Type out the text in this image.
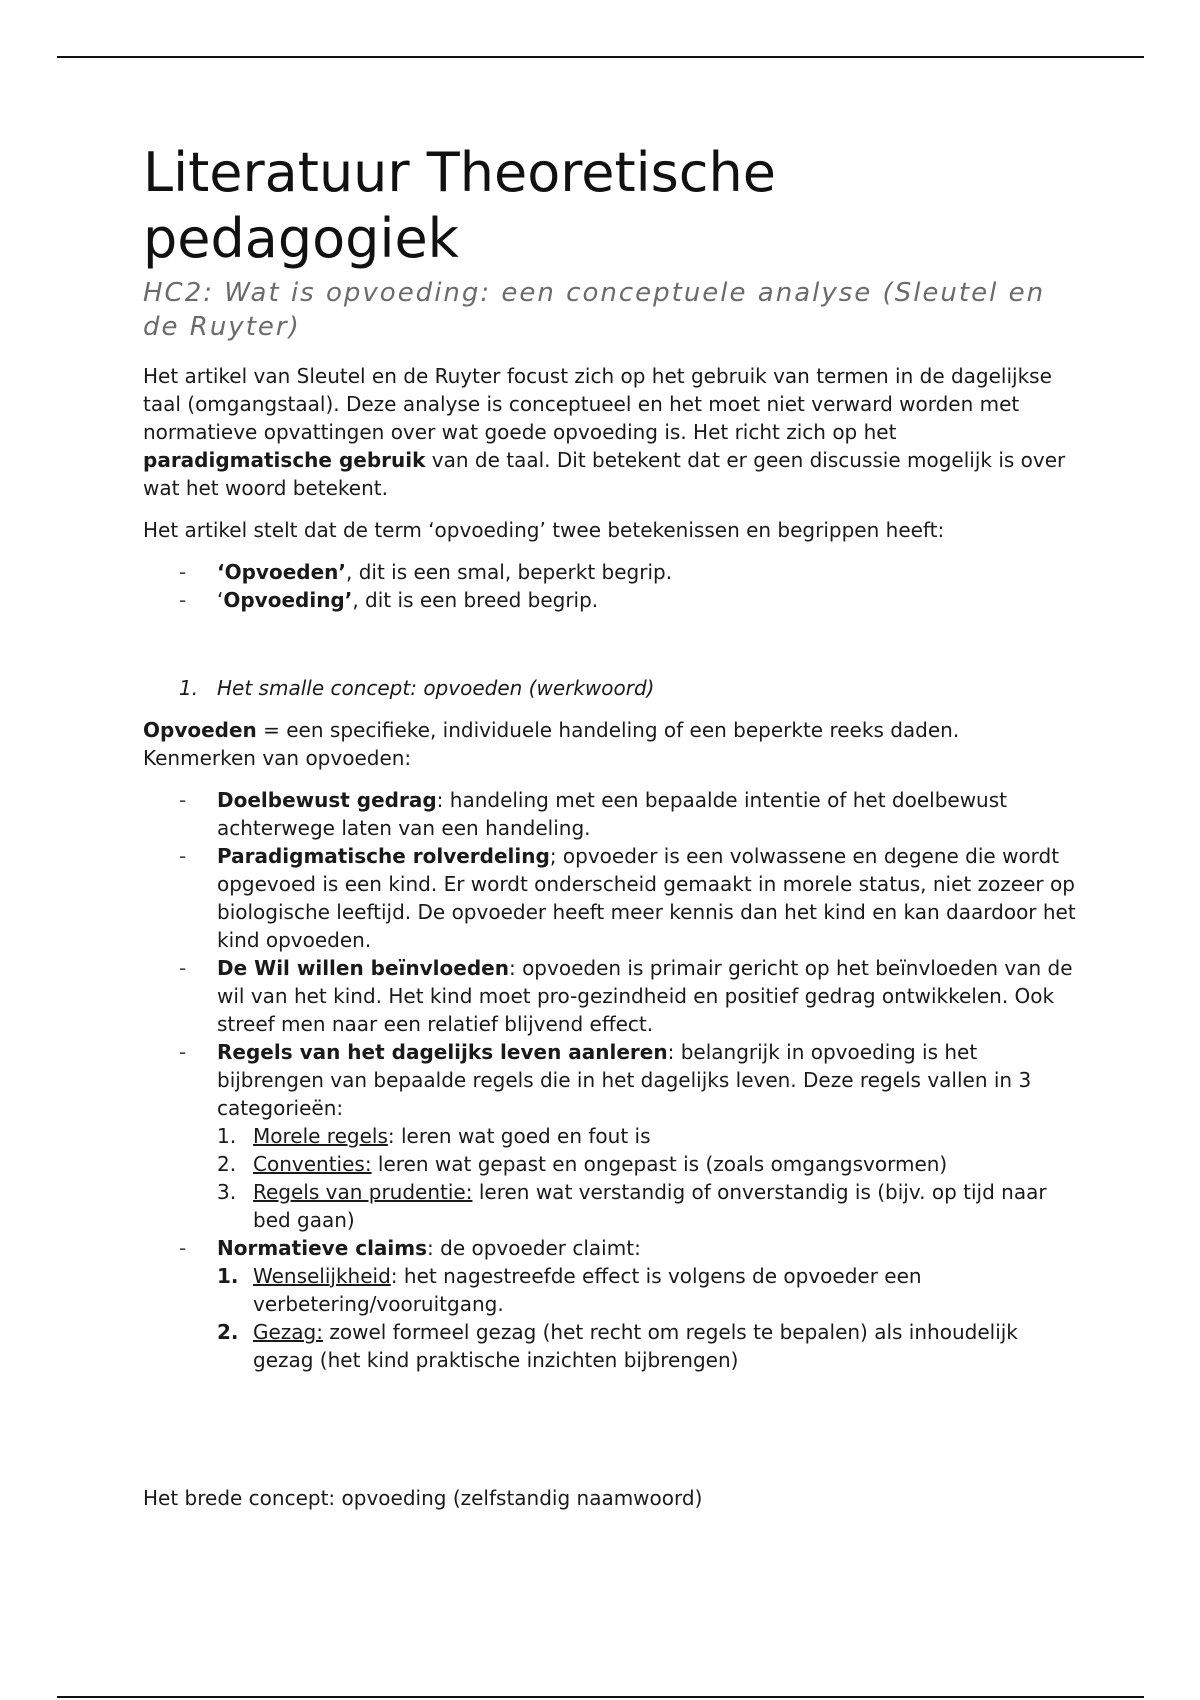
Literatuur Theoretische
pedagogiek
HC2: Wat is opvoeding: een conceptuele analyse (Sleutel en de Ruyter)

Het artikel van Sleutel en de Ruyter focust zich op het gebruik van termen in de dagelijkse taal (omgangstaal). Deze analyse is conceptueel en het moet niet verward worden met normatieve opvattingen over wat goede opvoeding is. Het richt zich op het paradigmatische gebruik van de taal. Dit betekent dat er geen discussie mogelijk is over wat het woord betekent.

Het artikel stelt dat de term ‘opvoeding’ twee betekenissen en begrippen heeft:

- ‘Opvoeden’, dit is een smal, beperkt begrip.
- ‘Opvoeding’, dit is een breed begrip.
1. Het smalle concept: opvoeden (werkwoord)

Opvoeden = een specifieke, individuele handeling of een beperkte reeks daden.
Kenmerken van opvoeden:

- Doelbewust gedrag: handeling met een bepaalde intentie of het doelbewust achterwege laten van een handeling.
- Paradigmatische rolverdeling; opvoeder is een volwassene en degene die wordt opgevoed is een kind. Er wordt onderscheid gemaakt in morele status, niet zozeer op biologische leeftijd. De opvoeder heeft meer kennis dan het kind en kan daardoor het kind opvoeden.
- De Wil willen beïnvloeden: opvoeden is primair gericht op het beïnvloeden van de wil van het kind. Het kind moet pro-gezindheid en positief gedrag ontwikkelen. Ook streef men naar een relatief blijvend effect.
- Regels van het dagelijks leven aanleren: belangrijk in opvoeding is het bijbrengen van bepaalde regels die in het dagelijks leven. Deze regels vallen in 3 categorieën:
1. Morele regels: leren wat goed en fout is
2. Conventies: leren wat gepast en ongepast is (zoals omgangsvormen)
3. Regels van prudentie: leren wat verstandig of onverstandig is (bijv. op tijd naar bed gaan)
- Normatieve claims: de opvoeder claimt:
1. Wenselijkheid: het nagestreefde effect is volgens de opvoeder een verbetering/vooruitgang.
2. Gezag: zowel formeel gezag (het recht om regels te bepalen) als inhoudelijk gezag (het kind praktische inzichten bijbrengen)

Het brede concept: opvoeding (zelfstandig naamwoord)
